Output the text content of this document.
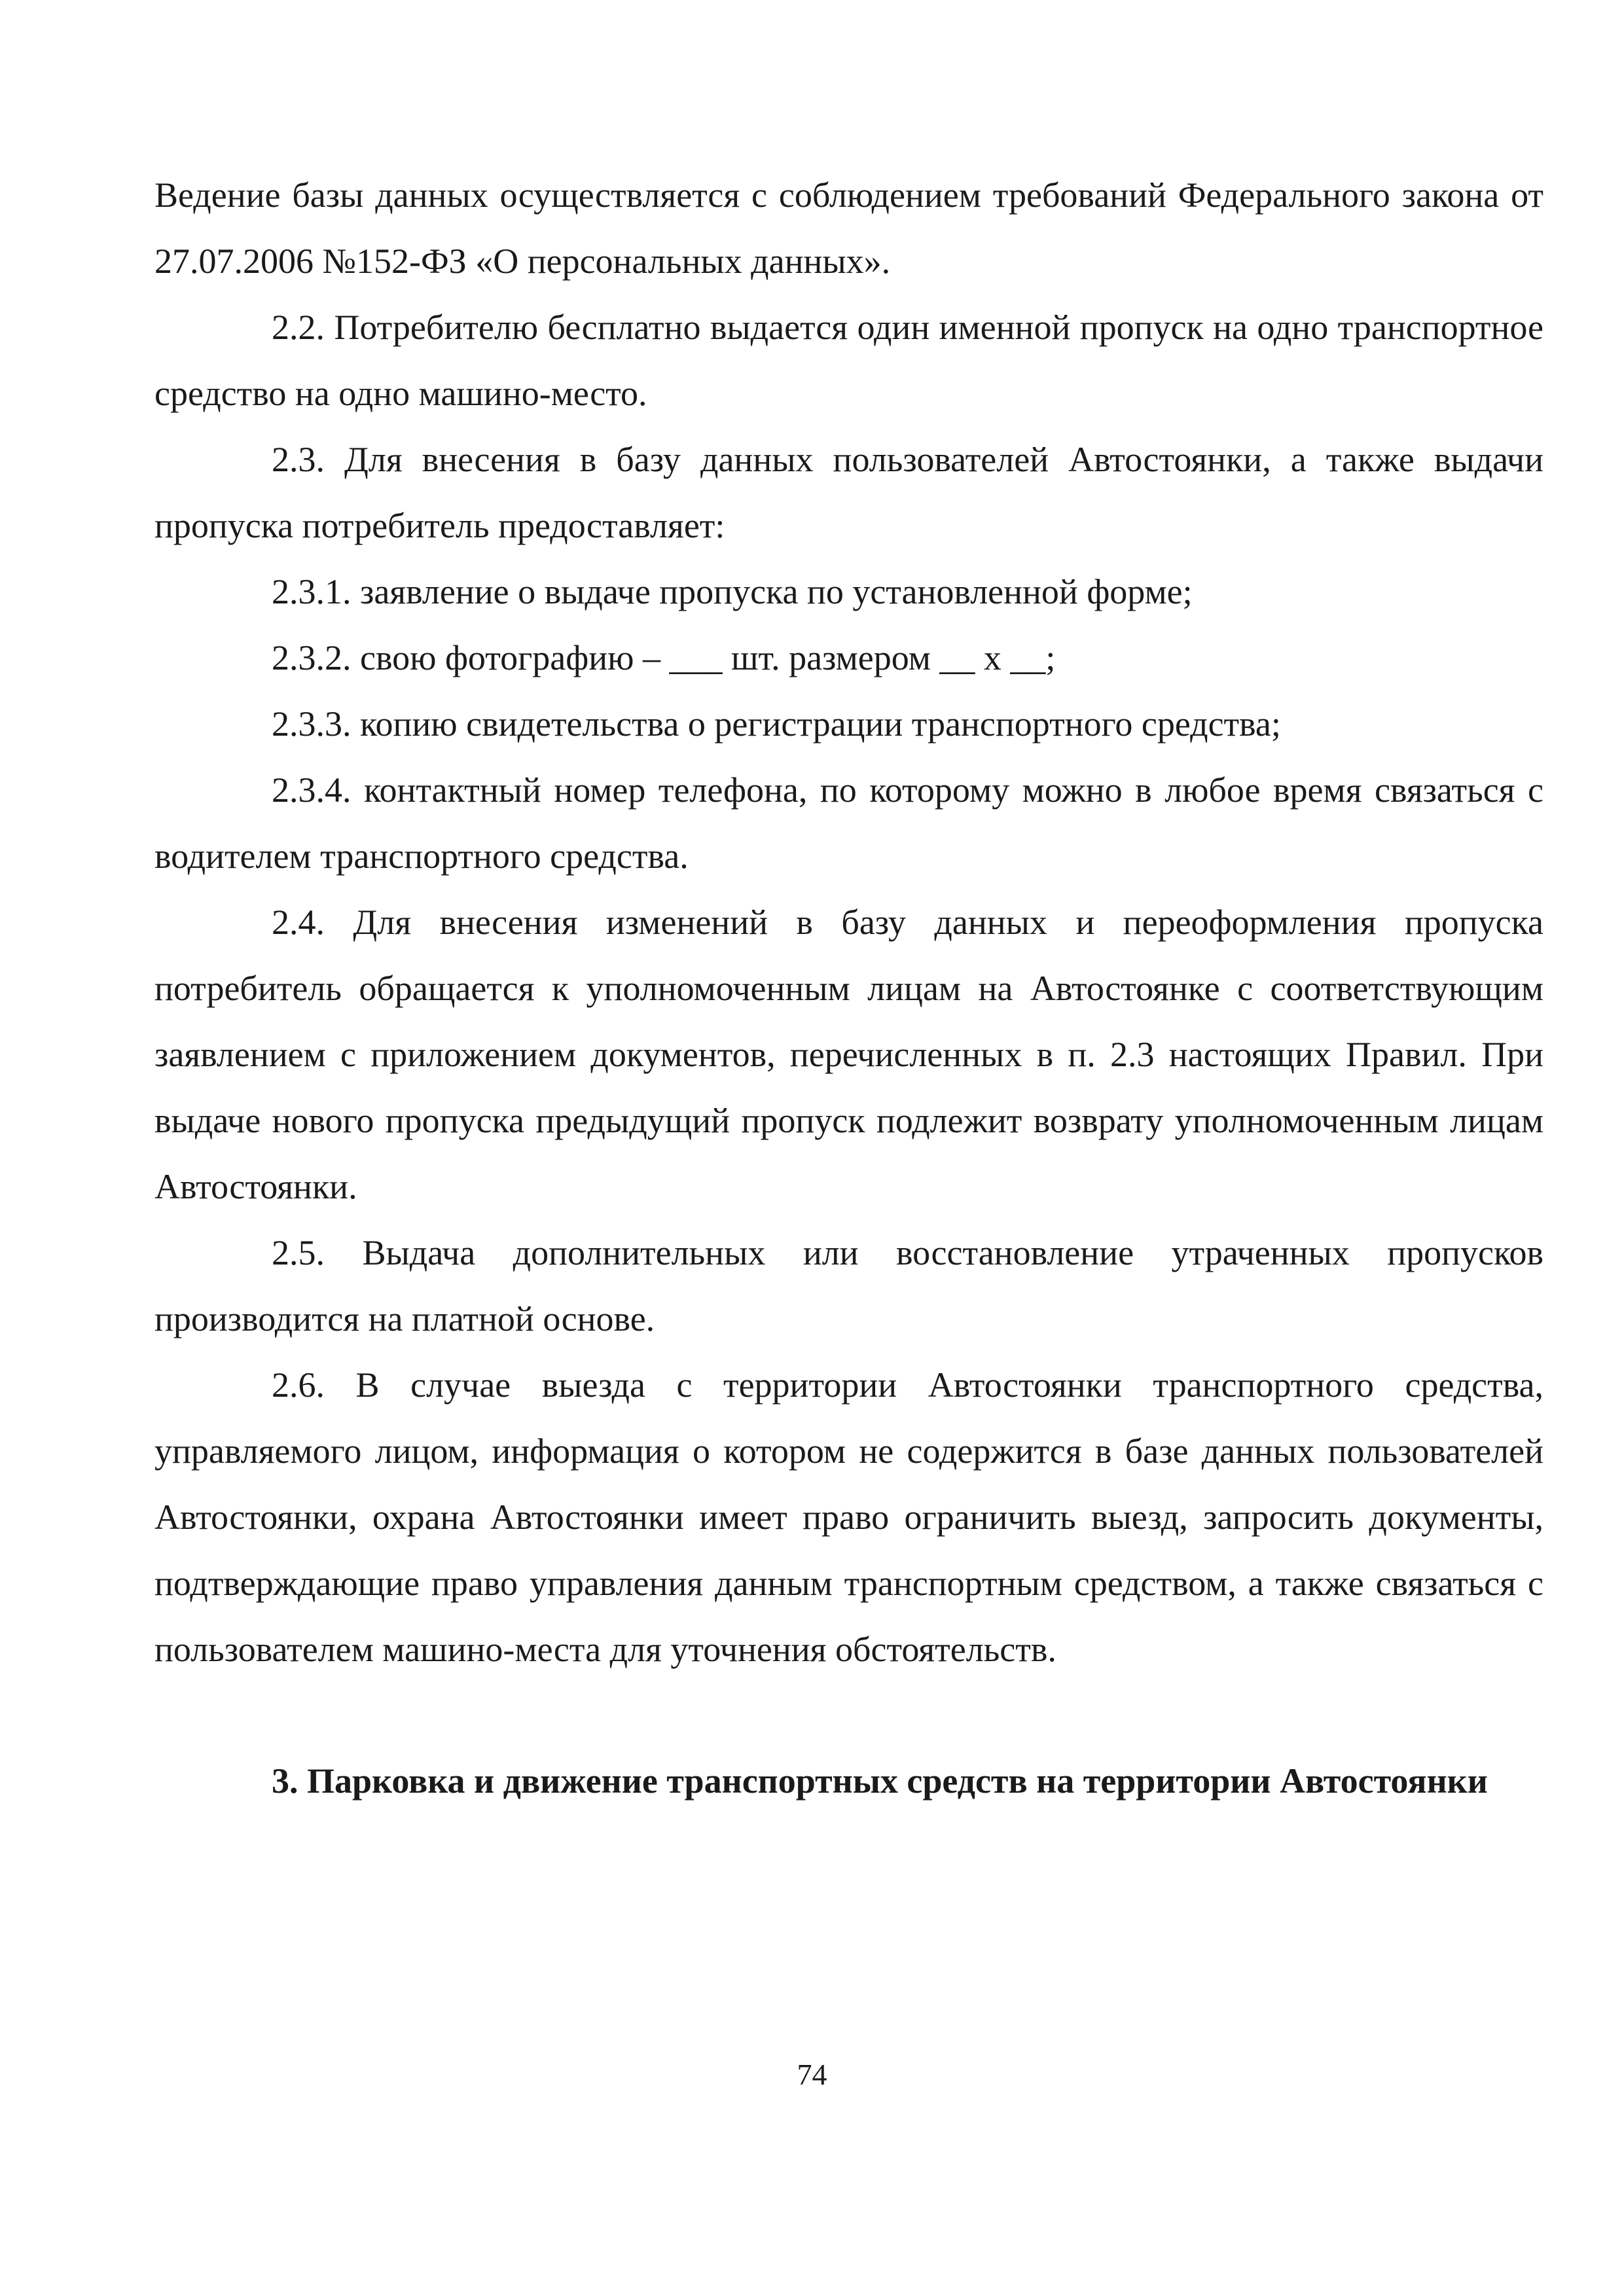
Ведение базы данных осуществляется с соблюдением требований Федерального закона от 27.07.2006 №152-ФЗ «О персональных данных».

2.2. Потребителю бесплатно выдается один именной пропуск на одно транспортное средство на одно машино-место.

2.3. Для внесения в базу данных пользователей Автостоянки, а также выдачи пропуска потребитель предоставляет:

2.3.1. заявление о выдаче пропуска по установленной форме;

2.3.2. свою фотографию – ___ шт. размером __ х __;

2.3.3. копию свидетельства о регистрации транспортного средства;

2.3.4. контактный номер телефона, по которому можно в любое время связаться с водителем транспортного средства.

2.4. Для внесения изменений в базу данных и переоформления пропуска потребитель обращается к уполномоченным лицам на Автостоянке с соответствующим заявлением с приложением документов, перечисленных в п. 2.3 настоящих Правил. При выдаче нового пропуска предыдущий пропуск подлежит возврату уполномоченным лицам Автостоянки.

2.5. Выдача дополнительных или восстановление утраченных пропусков производится на платной основе.

2.6. В случае выезда с территории Автостоянки транспортного средства, управляемого лицом, информация о котором не содержится в базе данных пользователей Автостоянки, охрана Автостоянки имеет право ограничить выезд, запросить документы, подтверждающие право управления данным транспортным средством, а также связаться с пользователем машино-места для уточнения обстоятельств.

3. Парковка и движение транспортных средств на территории Автостоянки
74
